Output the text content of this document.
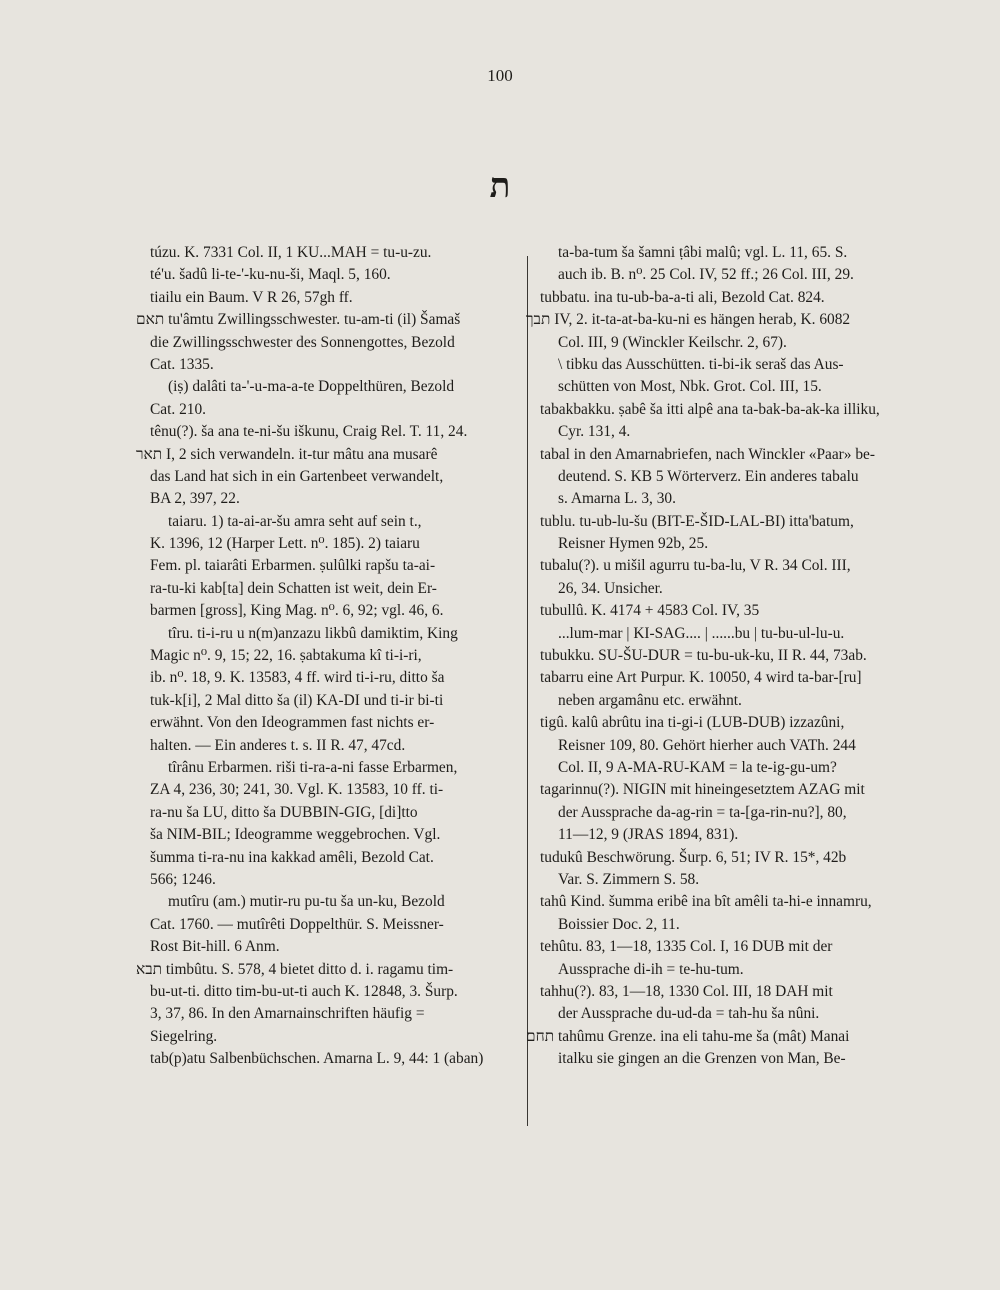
100
ת
túzu. K. 7331 Col. II, 1 KU...MAH = tu-u-zu.
té'u. šadû li-te-'-ku-nu-ši, Maql. 5, 160.
tiailu ein Baum. V R 26, 57gh ff.
תאם tu'âmtu Zwillingsschwester. tu-am-ti (il) Šamaš
die Zwillingsschwester des Sonnengottes, Bezold
Cat. 1335.
(iṣ) dalâti ta-'-u-ma-a-te Doppelthüren, Bezold
Cat. 210.
tênu(?). ša ana te-ni-šu iškunu, Craig Rel. T. 11, 24.
תאר I, 2 sich verwandeln. it-tur mâtu ana musarê
das Land hat sich in ein Gartenbeet verwandelt,
BA 2, 397, 22.
taiaru. 1) ta-ai-ar-šu amra seht auf sein t.,
K. 1396, 12 (Harper Lett. n⁰. 185). 2) taiaru
Fem. pl. taiarâti Erbarmen. ṣulûlki rapšu ta-ai-
ra-tu-ki kab[ta] dein Schatten ist weit, dein Er-
barmen [gross], King Mag. n⁰. 6, 92; vgl. 46, 6.
tîru. ti-i-ru u n(m)anzazu likbû damiktim, King
Magic n⁰. 9, 15; 22, 16. ṣabtakuma kî ti-i-ri,
ib. n⁰. 18, 9. K. 13583, 4 ff. wird ti-i-ru, ditto ša
tuk-k[i], 2 Mal ditto ša (il) KA-DI und ti-ir bi-ti
erwähnt. Von den Ideogrammen fast nichts er-
halten. — Ein anderes t. s. II R. 47, 47cd.
tîrânu Erbarmen. riši ti-ra-a-ni fasse Erbarmen,
ZA 4, 236, 30; 241, 30. Vgl. K. 13583, 10 ff. ti-
ra-nu ša LU, ditto ša DUBBIN-GIG, [di]tto
ša NIM-BIL; Ideogramme weggebrochen. Vgl.
šumma ti-ra-nu ina kakkad amêli, Bezold Cat.
566; 1246.
mutîru (am.) mutir-ru pu-tu ša un-ku, Bezold
Cat. 1760. — mutîrêti Doppelthür. S. Meissner-
Rost Bit-hill. 6 Anm.
תבא timbûtu. S. 578, 4 bietet ditto d. i. ragamu tim-
bu-ut-ti. ditto tim-bu-ut-ti auch K. 12848, 3. Šurp.
3, 37, 86. In den Amarnainschriften häufig =
Siegelring.
tab(p)atu Salbenbüchschen. Amarna L. 9, 44: 1 (aban)
ta-ba-tum ša šamni ṭâbi malû; vgl. L. 11, 65. S.
auch ib. B. n⁰. 25 Col. IV, 52 ff.; 26 Col. III, 29.
tubbatu. ina tu-ub-ba-a-ti ali, Bezold Cat. 824.
תבך IV, 2. it-ta-at-ba-ku-ni es hängen herab, K. 6082
Col. III, 9 (Winckler Keilschr. 2, 67).
\ tibku das Ausschütten. ti-bi-ik seraš das Aus-
schütten von Most, Nbk. Grot. Col. III, 15.
tabakbakku. ṣabê ša itti alpê ana ta-bak-ba-ak-ka illiku,
Cyr. 131, 4.
tabal in den Amarnabriefen, nach Winckler «Paar» be-
deutend. S. KB 5 Wörterverz. Ein anderes tabalu
s. Amarna L. 3, 30.
tublu. tu-ub-lu-šu (BIT-E-ŠID-LAL-BI) itta'batum,
Reisner Hymen 92b, 25.
tubalu(?). u mišil agurru tu-ba-lu, V R. 34 Col. III,
26, 34. Unsicher.
tubullû. K. 4174 + 4583 Col. IV, 35
...lum-mar | KI-SAG.... | ......bu | tu-bu-ul-lu-u.
tubukku. SU-ŠU-DUR = tu-bu-uk-ku, II R. 44, 73ab.
tabarru eine Art Purpur. K. 10050, 4 wird ta-bar-[ru]
neben argamânu etc. erwähnt.
tigû. kalû abrûtu ina ti-gi-i (LUB-DUB) izzazûni,
Reisner 109, 80. Gehört hierher auch VATh. 244
Col. II, 9 A-MA-RU-KAM = la te-ig-gu-um?
tagarinnu(?). NIGIN mit hineingesetztem AZAG mit
der Aussprache da-ag-rin = ta-[ga-rin-nu?], 80,
11—12, 9 (JRAS 1894, 831).
tudukû Beschwörung. Šurp. 6, 51; IV R. 15*, 42b
Var. S. Zimmern S. 58.
tahû Kind. šumma eribê ina bît amêli ta-hi-e innamru,
Boissier Doc. 2, 11.
tehûtu. 83, 1—18, 1335 Col. I, 16 DUB mit der
Aussprache di-ih = te-hu-tum.
tahhu(?). 83, 1—18, 1330 Col. III, 18 DAH mit
der Aussprache du-ud-da = tah-hu ša nûni.
תחם tahûmu Grenze. ina eli tahu-me ša (mât) Manai
italku sie gingen an die Grenzen von Man, Be-
